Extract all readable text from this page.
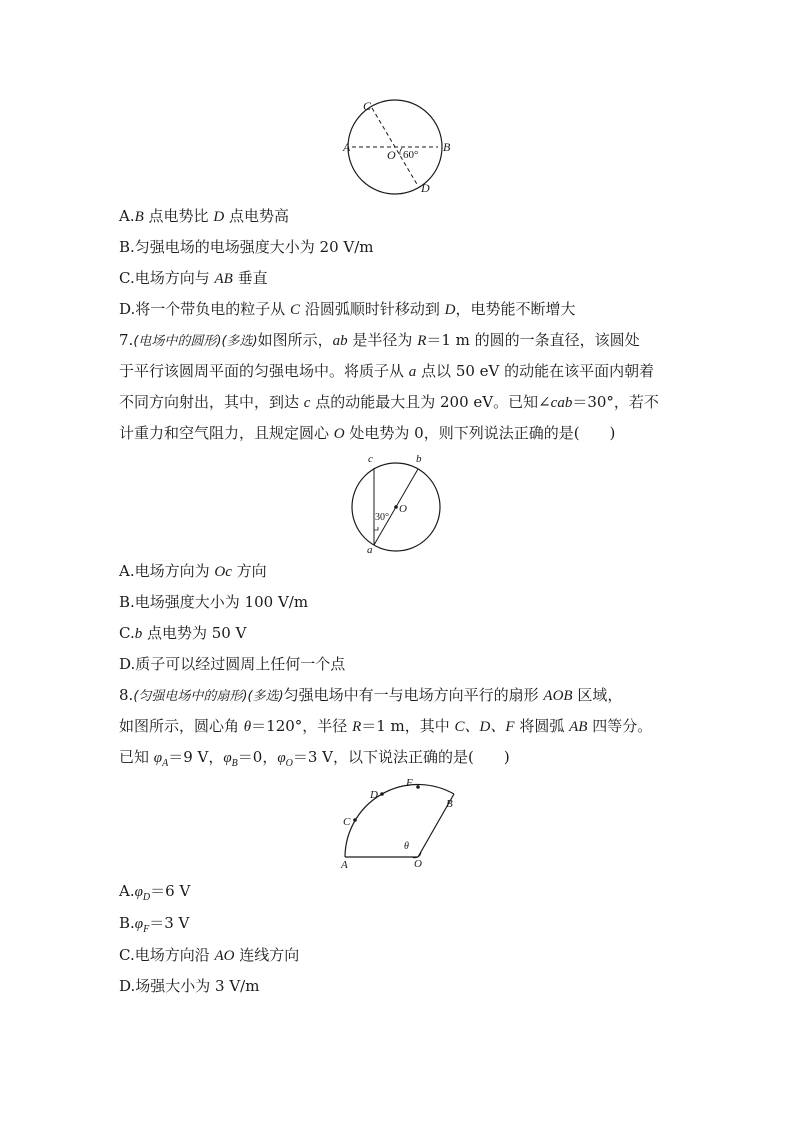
C
A
O
B
D
60°
A.B 点电势比 D 点电势高
B.匀强电场的电场强度大小为 20 V/m
C.电场方向与 AB 垂直
D.将一个带负电的粒子从 C 沿圆弧顺时针移动到 D，电势能不断增大
7.(电场中的圆形)(多选)如图所示，ab 是半径为 R＝1 m 的圆的一条直径，该圆处
于平行该圆周平面的匀强电场中。将质子从 a 点以 50 eV 的动能在该平面内朝着
不同方向射出，其中，到达 c 点的动能最大且为 200 eV。已知∠cab＝30°，若不
计重力和空气阻力，且规定圆心 O 处电势为 0，则下列说法正确的是(　　)
c	b
O
a
30°
A.电场方向为 Oc 方向
B.电场强度大小为 100 V/m
C.b 点电势为 50 V
D.质子可以经过圆周上任何一个点
8.(匀强电场中的扇形)(多选)匀强电场中有一与电场方向平行的扇形 AOB 区域，
如图所示，圆心角 θ＝120°，半径 R＝1 m，其中 C、D、F 将圆弧 AB 四等分。
已知 $\varphi_A=9$ V，$\varphi_B=0$，$\varphi_O=3$ V，以下说法正确的是(　　)
A
C
D
F
B
O
θ
$A.\varphi_D=6$ V
$B.\varphi_F=3$ V
C.电场方向沿 AO 连线方向
D.场强大小为 3 V/m
